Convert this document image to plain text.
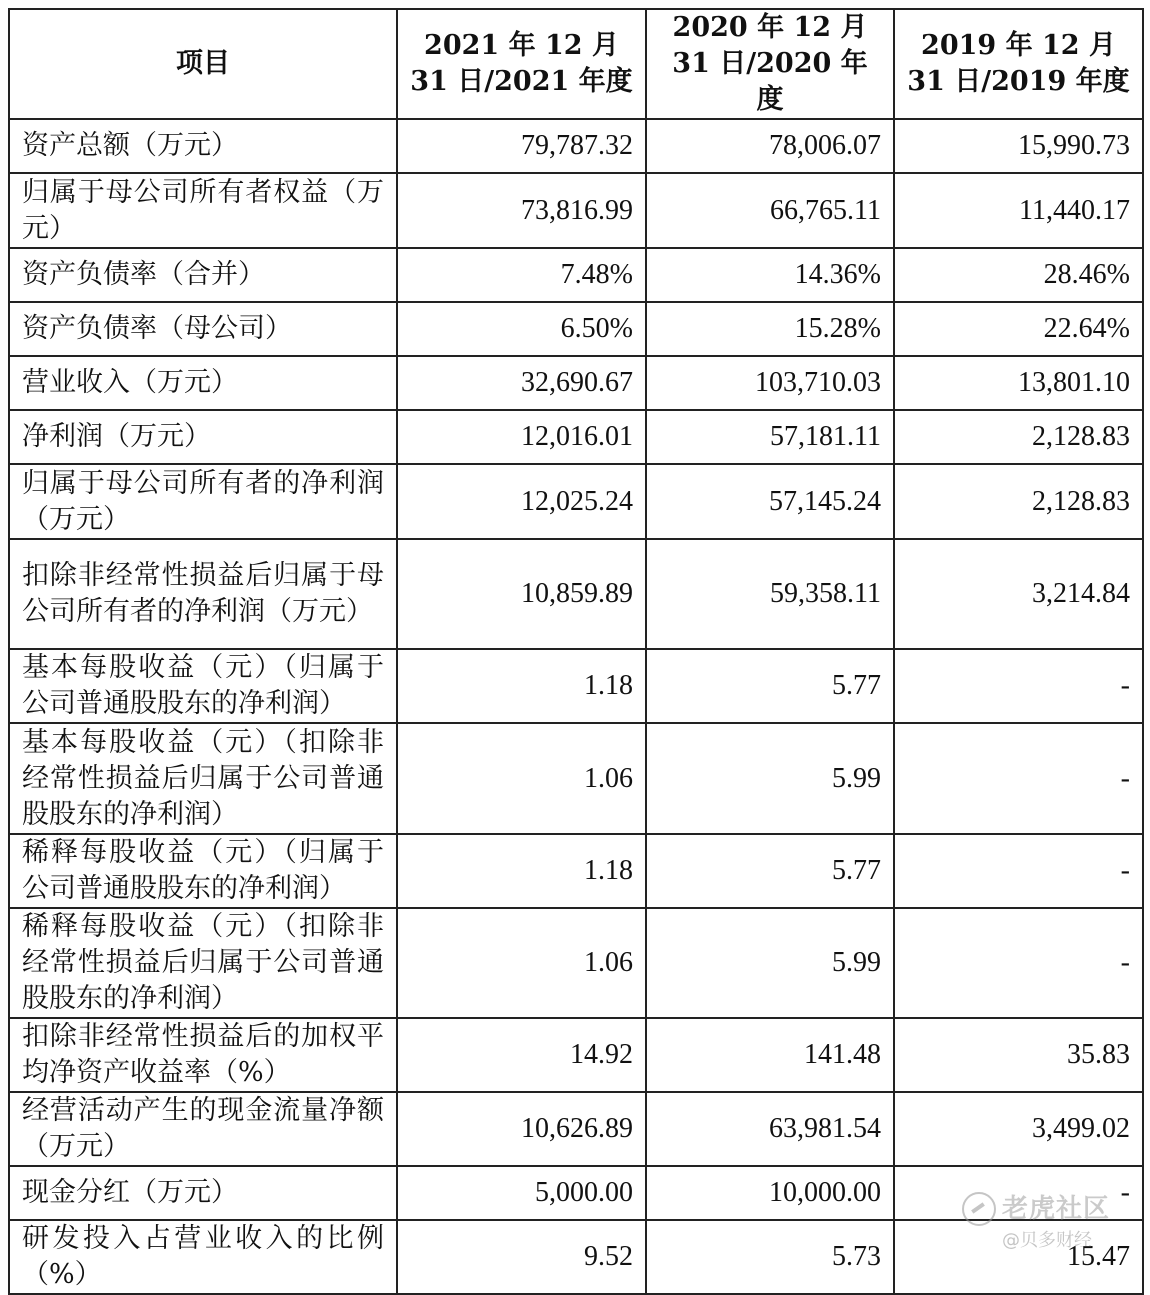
项目	2021 年 12 月 31 日/2021 年度	2020 年 12 月 31 日/2020 年度	2019 年 12 月 31 日/2019 年度
资产总额（万元）	79,787.32	78,006.07	15,990.73
归属于母公司所有者权益（万元）	73,816.99	66,765.11	11,440.17
资产负债率（合并）	7.48%	14.36%	28.46%
资产负债率（母公司）	6.50%	15.28%	22.64%
营业收入（万元）	32,690.67	103,710.03	13,801.10
净利润（万元）	12,016.01	57,181.11	2,128.83
归属于母公司所有者的净利润（万元）	12,025.24	57,145.24	2,128.83
扣除非经常性损益后归属于母公司所有者的净利润（万元）	10,859.89	59,358.11	3,214.84
基本每股收益（元）（归属于公司普通股股东的净利润）	1.18	5.77	-
基本每股收益（元）（扣除非经常性损益后归属于公司普通股股东的净利润）	1.06	5.99	-
稀释每股收益（元）（归属于公司普通股股东的净利润）	1.18	5.77	-
稀释每股收益（元）（扣除非经常性损益后归属于公司普通股股东的净利润）	1.06	5.99	-
扣除非经常性损益后的加权平均净资产收益率（%）	14.92	141.48	35.83
经营活动产生的现金流量净额（万元）	10,626.89	63,981.54	3,499.02
现金分红（万元）	5,000.00	10,000.00	-
研发投入占营业收入的比例（%）	9.52	5.73	15.47
老虎社区
@贝多财经
